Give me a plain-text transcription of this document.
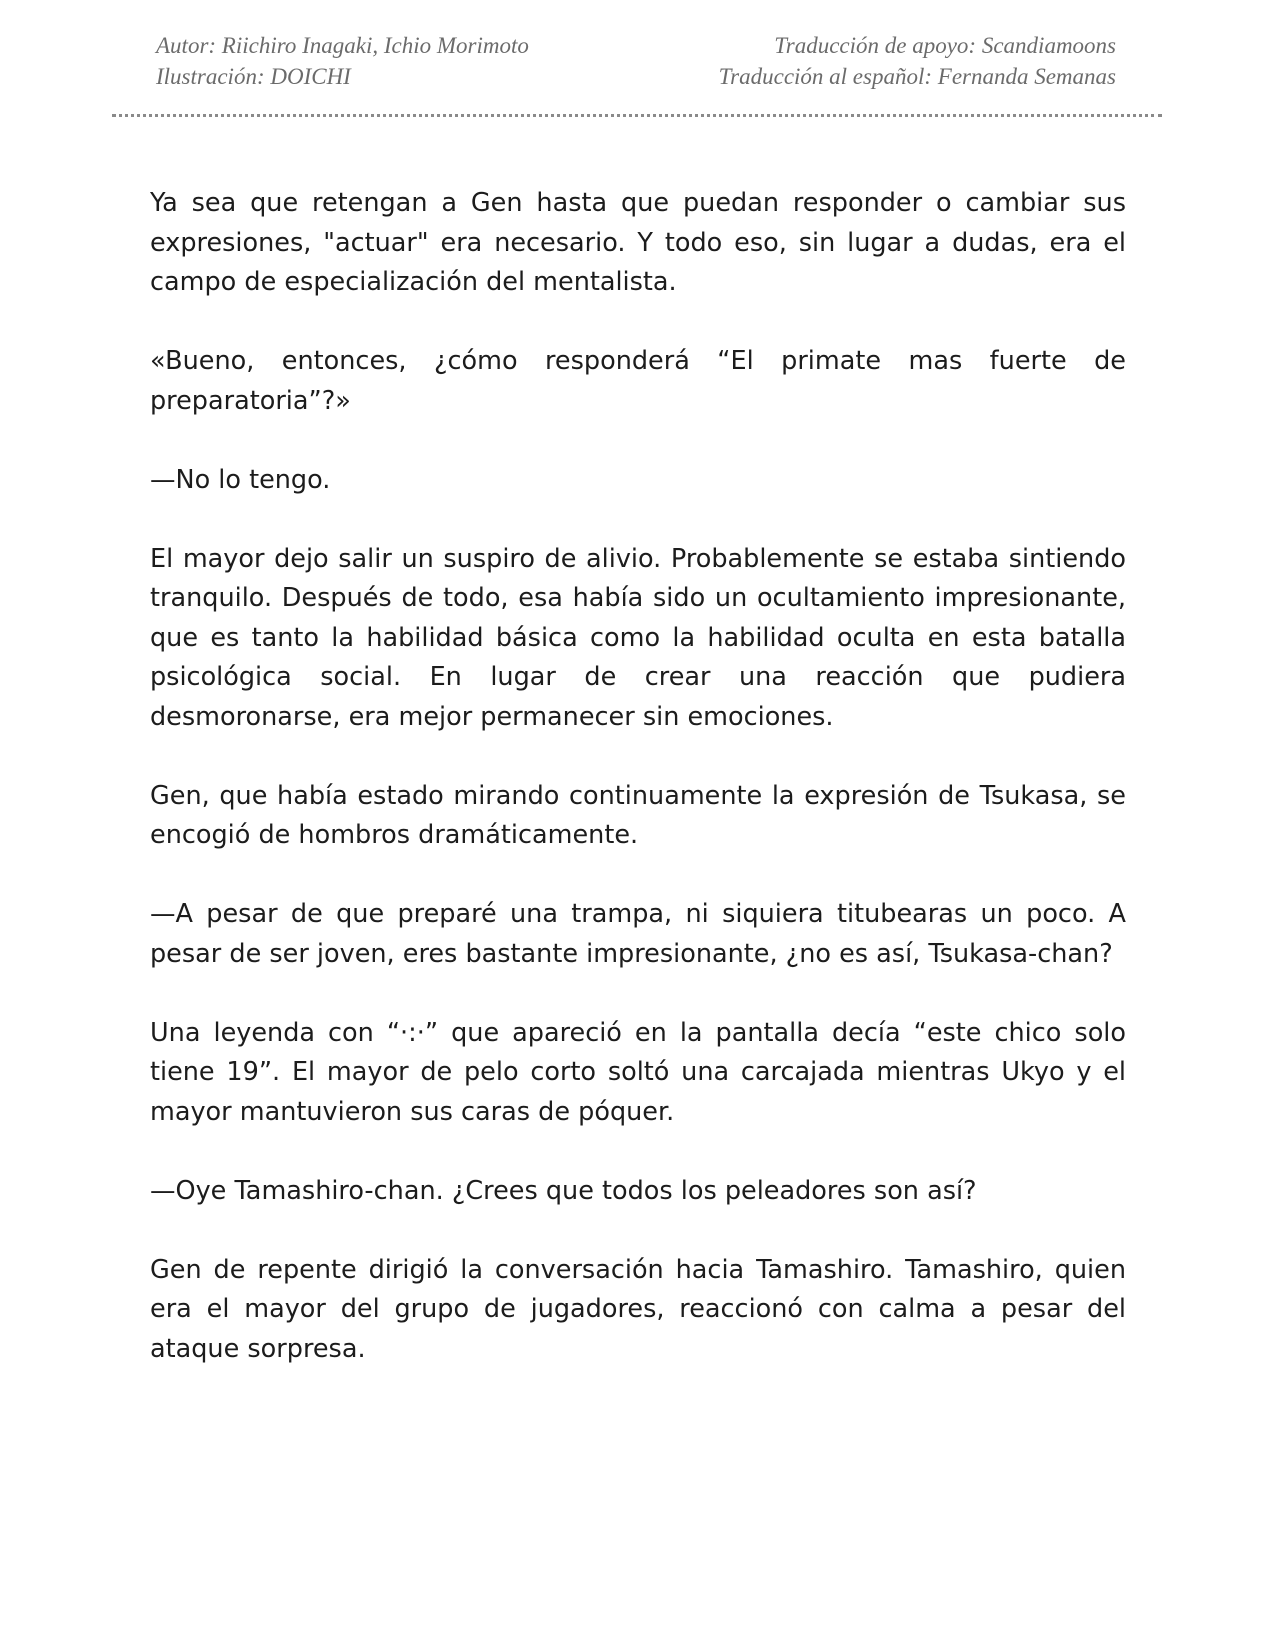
Autor: Riichiro Inagaki, Ichio Morimoto
Ilustración: DOICHI
Traducción de apoyo: Scandiamoons
Traducción al español: Fernanda Semanas

Ya sea que retengan a Gen hasta que puedan responder o cambiar sus expresiones, "actuar" era necesario. Y todo eso, sin lugar a dudas, era el campo de especialización del mentalista.

«Bueno, entonces, ¿cómo responderá “El primate mas fuerte de preparatoria”?»

—No lo tengo.

El mayor dejo salir un suspiro de alivio. Probablemente se estaba sintiendo tranquilo. Después de todo, esa había sido un ocultamiento impresionante, que es tanto la habilidad básica como la habilidad oculta en esta batalla psicológica social. En lugar de crear una reacción que pudiera desmoronarse, era mejor permanecer sin emociones.

Gen, que había estado mirando continuamente la expresión de Tsukasa, se encogió de hombros dramáticamente.

—A pesar de que preparé una trampa, ni siquiera titubearas un poco. A pesar de ser joven, eres bastante impresionante, ¿no es así, Tsukasa-chan?

Una leyenda con “·:·” que apareció en la pantalla decía “este chico solo tiene 19”. El mayor de pelo corto soltó una carcajada mientras Ukyo y el mayor mantuvieron sus caras de póquer.

—Oye Tamashiro-chan. ¿Crees que todos los peleadores son así?

Gen de repente dirigió la conversación hacia Tamashiro. Tamashiro, quien era el mayor del grupo de jugadores, reaccionó con calma a pesar del ataque sorpresa.
